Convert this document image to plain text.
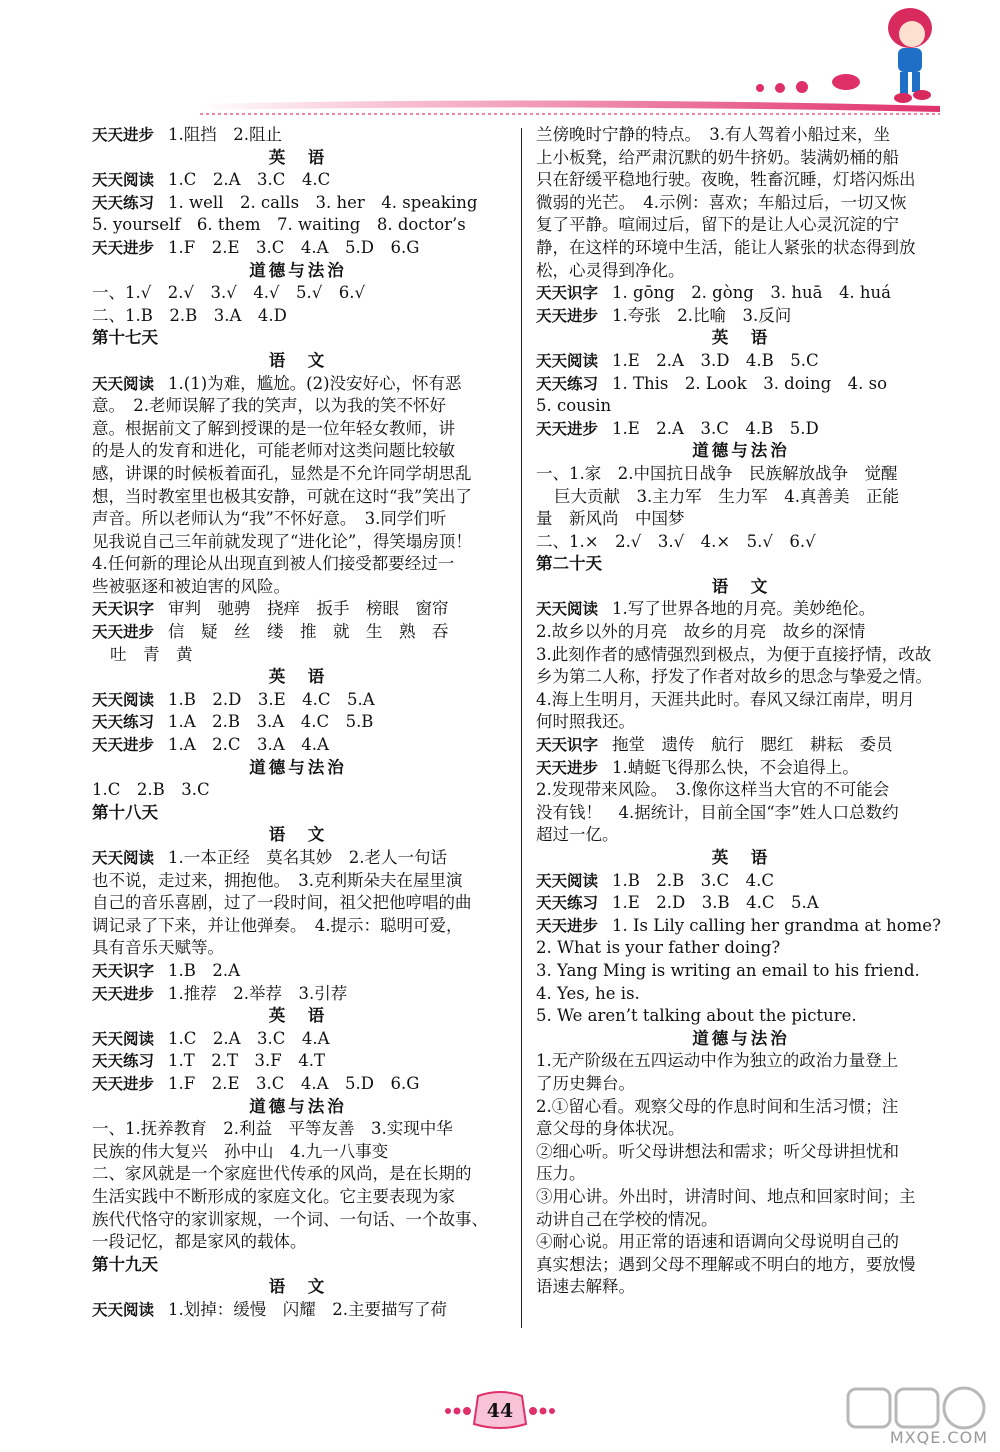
天天进步 1.阻挡　2.阻止
英　语
天天阅读 1.C　2.A　3.C　4.C
天天练习 1. well　2. calls　3. her　4. speaking
5. yourself　6. them　7. waiting　8. doctor’s
天天进步 1.F　2.E　3.C　4.A　5.D　6.G
道德与法治
一、1.√　2.√　3.√　4.√　5.√　6.√
二、1.B　2.B　3.A　4.D
第十七天
语　文
天天阅读 1.(1)为难，尴尬。(2)没安好心，怀有恶
意。　2.老师误解了我的笑声，以为我的笑不怀好
意。根据前文了解到授课的是一位年轻女教师，讲
的是人的发育和进化，可能老师对这类问题比较敏
感，讲课的时候板着面孔，显然是不允许同学胡思乱
想，当时教室里也极其安静，可就在这时“我”笑出了
声音。所以老师认为“我”不怀好意。　3.同学们听
见我说自己三年前就发现了“进化论”，得笑塌房顶！
4.任何新的理论从出现直到被人们接受都要经过一
些被驱逐和被迫害的风险。
天天识字 审判　驰骋　挠痒　扳手　榜眼　窗帘
天天进步 信　疑　丝　缕　推　就　生　熟　吞
吐　青　黄
英　语
天天阅读 1.B　2.D　3.E　4.C　5.A
天天练习 1.A　2.B　3.A　4.C　5.B
天天进步 1.A　2.C　3.A　4.A
道德与法治
1.C　2.B　3.C
第十八天
语　文
天天阅读 1.一本正经　莫名其妙　2.老人一句话
也不说，走过来，拥抱他。　3.克利斯朵夫在屋里演
自己的音乐喜剧，过了一段时间，祖父把他哼唱的曲
调记录了下来，并让他弹奏。　4.提示：聪明可爱，
具有音乐天赋等。
天天识字 1.B　2.A
天天进步 1.推荐　2.举荐　3.引荐
英　语
天天阅读 1.C　2.A　3.C　4.A
天天练习 1.T　2.T　3.F　4.T
天天进步 1.F　2.E　3.C　4.A　5.D　6.G
道德与法治
一、1.抚养教育　2.利益　平等友善　3.实现中华
民族的伟大复兴　孙中山　4.九一八事变
二、家风就是一个家庭世代传承的风尚，是在长期的
生活实践中不断形成的家庭文化。它主要表现为家
族代代恪守的家训家规，一个词、一句话、一个故事、
一段记忆，都是家风的载体。
第十九天
语　文
天天阅读 1.划掉：缓慢　闪耀　2.主要描写了荷
兰傍晚时宁静的特点。　3.有人驾着小船过来，坐
上小板凳，给严肃沉默的奶牛挤奶。装满奶桶的船
只在舒缓平稳地行驶。夜晚，牲畜沉睡，灯塔闪烁出
微弱的光芒。　4.示例：喜欢；车船过后，一切又恢
复了平静。喧闹过后，留下的是让人心灵沉淀的宁
静，在这样的环境中生活，能让人紧张的状态得到放
松，心灵得到净化。
天天识字 1. gōng　2. gòng　3. huā　4. huá
天天进步 1.夸张　2.比喻　3.反问
英　语
天天阅读 1.E　2.A　3.D　4.B　5.C
天天练习 1. This　2. Look　3. doing　4. so
5. cousin
天天进步 1.E　2.A　3.C　4.B　5.D
道德与法治
一、1.家　2.中国抗日战争　民族解放战争　觉醒
巨大贡献　3.主力军　生力军　4.真善美　正能
量　新风尚　中国梦
二、1.×　2.√　3.√　4.×　5.√　6.√
第二十天
语　文
天天阅读 1.写了世界各地的月亮。美妙绝伦。
2.故乡以外的月亮　故乡的月亮　故乡的深情
3.此刻作者的感情强烈到极点，为便于直接抒情，改故
乡为第二人称，抒发了作者对故乡的思念与挚爱之情。
4.海上生明月，天涯共此时。春风又绿江南岸，明月
何时照我还。
天天识字 拖堂　遗传　航行　腮红　耕耘　委员
天天进步 1.蜻蜓飞得那么快，不会追得上。
2.发现带来风险。　3.像你这样当大官的不可能会
没有钱！　4.据统计，目前全国“李”姓人口总数约
超过一亿。
英　语
天天阅读 1.B　2.B　3.C　4.C
天天练习 1.E　2.D　3.B　4.C　5.A
天天进步 1. Is Lily calling her grandma at home?
2. What is your father doing?
3. Yang Ming is writing an email to his friend.
4. Yes, he is.
5. We aren’t talking about the picture.
道德与法治
1.无产阶级在五四运动中作为独立的政治力量登上
了历史舞台。
2.①留心看。观察父母的作息时间和生活习惯；注
意父母的身体状况。
②细心听。听父母讲想法和需求；听父母讲担忧和
压力。
③用心讲。外出时，讲清时间、地点和回家时间；主
动讲自己在学校的情况。
④耐心说。用正常的语速和语调向父母说明自己的
真实想法；遇到父母不理解或不明白的地方，要放慢
语速去解释。
44
MXQE.COM
